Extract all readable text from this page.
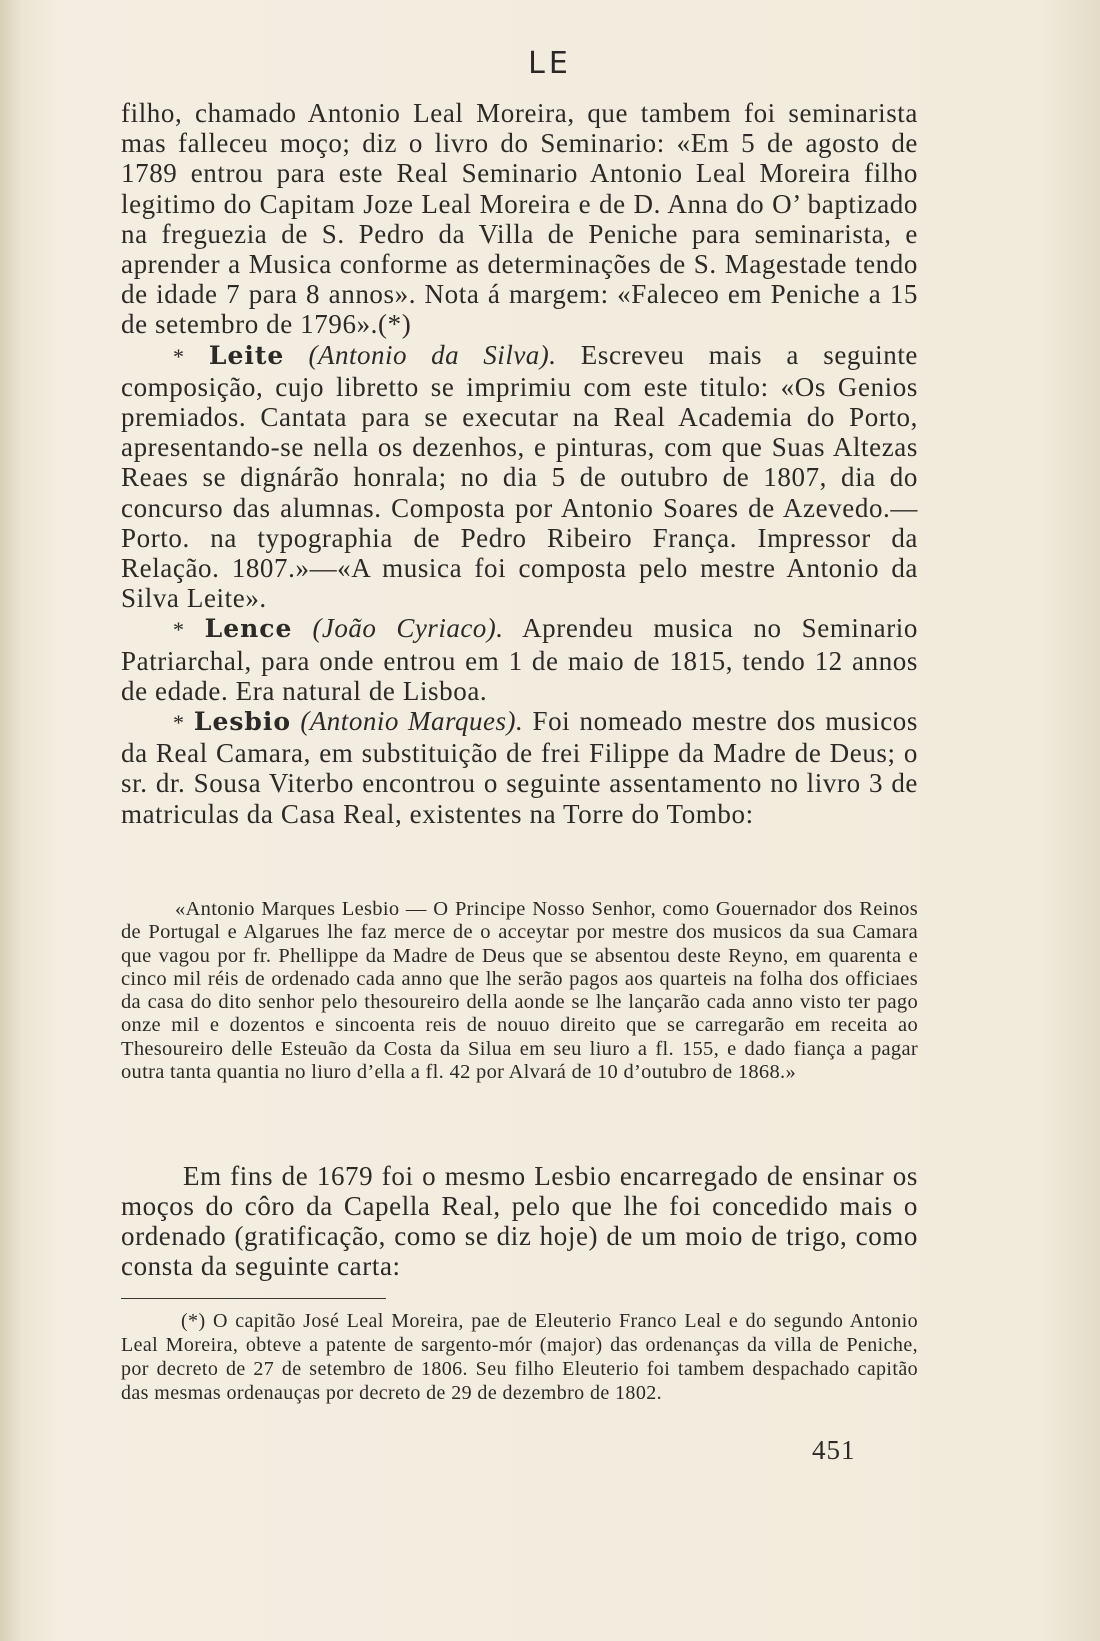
LE

filho, chamado Antonio Leal Moreira, que tambem foi seminarista mas falleceu moço; diz o livro do Seminario: «Em 5 de agosto de 1789 entrou para este Real Seminario Antonio Leal Moreira filho legitimo do Capitam Joze Leal Moreira e de D. Anna do O’ baptizado na freguezia de S. Pedro da Villa de Peniche para seminarista, e aprender a Musica conforme as determinações de S. Magestade tendo de idade 7 para 8 annos». Nota á margem: «Faleceo em Peniche a 15 de setembro de 1796».(*)

* Leite (Antonio da Silva). Escreveu mais a seguinte composição, cujo libretto se imprimiu com este titulo: «Os Genios premiados. Cantata para se executar na Real Academia do Porto, apresentando-se nella os dezenhos, e pinturas, com que Suas Altezas Reaes se dignárão honrala; no dia 5 de outubro de 1807, dia do concurso das alumnas. Composta por Antonio Soares de Azevedo.— Porto. na typographia de Pedro Ribeiro França. Impressor da Relação. 1807.»—«A musica foi composta pelo mestre Antonio da Silva Leite».

* Lence (João Cyriaco). Aprendeu musica no Seminario Patriarchal, para onde entrou em 1 de maio de 1815, tendo 12 annos de edade. Era natural de Lisboa.

* Lesbio (Antonio Marques). Foi nomeado mestre dos musicos da Real Camara, em substituição de frei Filippe da Madre de Deus; o sr. dr. Sousa Viterbo encontrou o seguinte assentamento no livro 3 de matriculas da Casa Real, existentes na Torre do Tombo:

«Antonio Marques Lesbio — O Principe Nosso Senhor, como Gouernador dos Reinos de Portugal e Algarues lhe faz merce de o acceytar por mestre dos musicos da sua Camara que vagou por fr. Phellippe da Madre de Deus que se absentou deste Reyno, em quarenta e cinco mil réis de ordenado cada anno que lhe serão pagos aos quarteis na folha dos officiaes da casa do dito senhor pelo thesoureiro della aonde se lhe lançarão cada anno visto ter pago onze mil e dozentos e sincoenta reis de nouuo direito que se carregarão em receita ao Thesoureiro delle Esteuão da Costa da Silua em seu liuro a fl. 155, e dado fiança a pagar outra tanta quantia no liuro d’ella a fl. 42 por Alvará de 10 d’outubro de 1868.»
Em fins de 1679 foi o mesmo Lesbio encarregado de ensinar os moços do côro da Capella Real, pelo que lhe foi concedido mais o ordenado (gratificação, como se diz hoje) de um moio de trigo, como consta da seguinte carta:
(*) O capitão José Leal Moreira, pae de Eleuterio Franco Leal e do segundo Antonio Leal Moreira, obteve a patente de sargento-mór (major) das ordenanças da villa de Peniche, por decreto de 27 de setembro de 1806. Seu filho Eleuterio foi tambem despachado capitão das mesmas ordenauças por decreto de 29 de dezembro de 1802.
451
